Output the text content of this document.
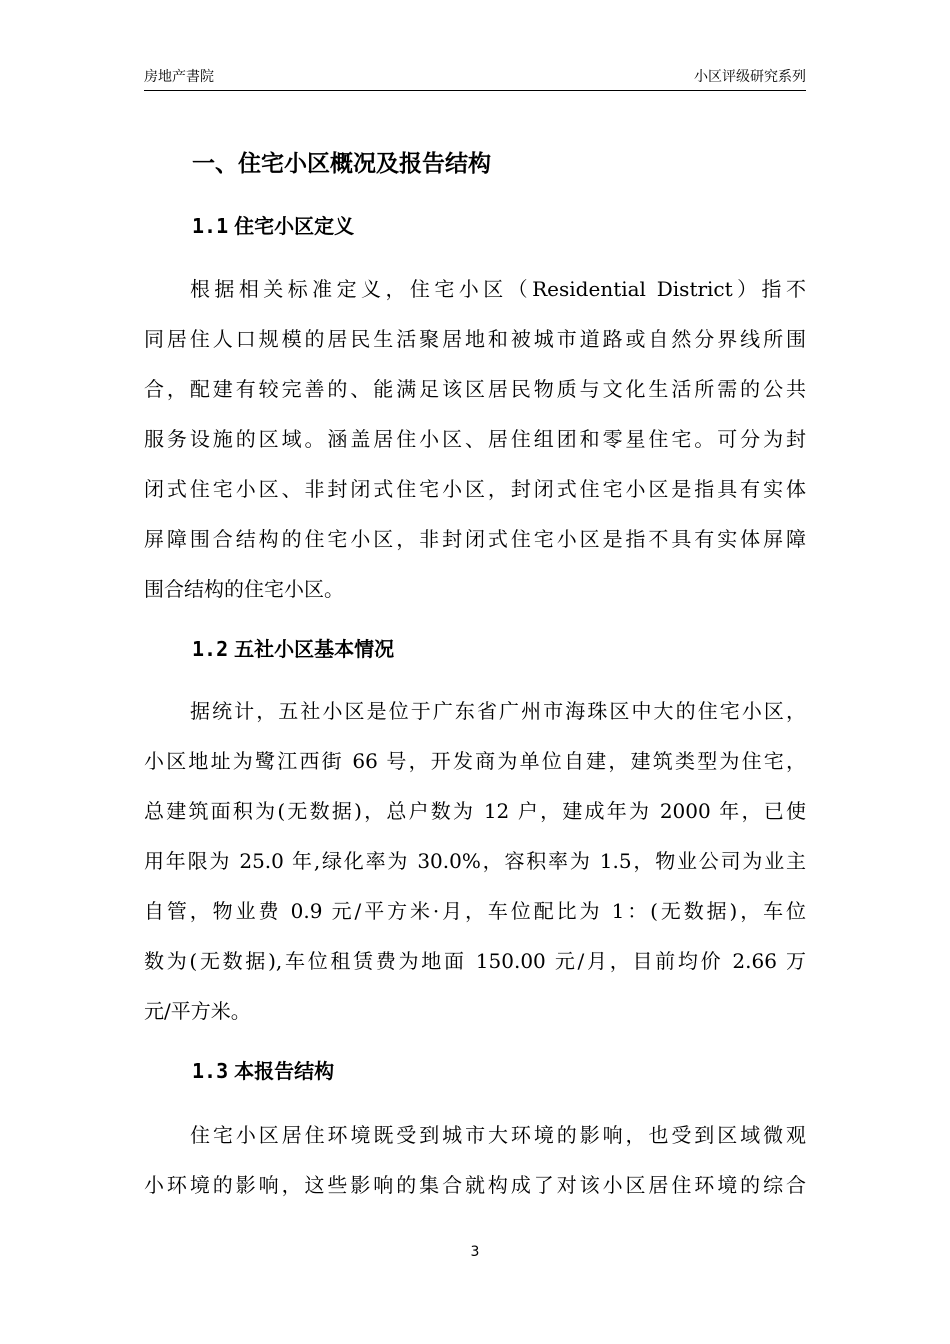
房地产書院	小区评级研究系列
一、住宅小区概况及报告结构
1.1 住宅小区定义
根据相关标准定义，住宅小区（Residential District）指不
同居住人口规模的居民生活聚居地和被城市道路或自然分界线所围
合，配建有较完善的、能满足该区居民物质与文化生活所需的公共
服务设施的区域。涵盖居住小区、居住组团和零星住宅。可分为封
闭式住宅小区、非封闭式住宅小区，封闭式住宅小区是指具有实体
屏障围合结构的住宅小区，非封闭式住宅小区是指不具有实体屏障
围合结构的住宅小区。
1.2 五社小区基本情况
据统计，五社小区是位于广东省广州市海珠区中大的住宅小区，
小区地址为鹭江西街 66 号，开发商为单位自建，建筑类型为住宅，
总建筑面积为(无数据)，总户数为 12 户，建成年为 2000 年，已使
用年限为 25.0 年,绿化率为 30.0%，容积率为 1.5，物业公司为业主
自管，物业费 0.9 元/平方米·月，车位配比为 1：(无数据)，车位
数为(无数据),车位租赁费为地面 150.00 元/月，目前均价 2.66 万
元/平方米。
1.3 本报告结构
住宅小区居住环境既受到城市大环境的影响，也受到区域微观
小环境的影响，这些影响的集合就构成了对该小区居住环境的综合
3
